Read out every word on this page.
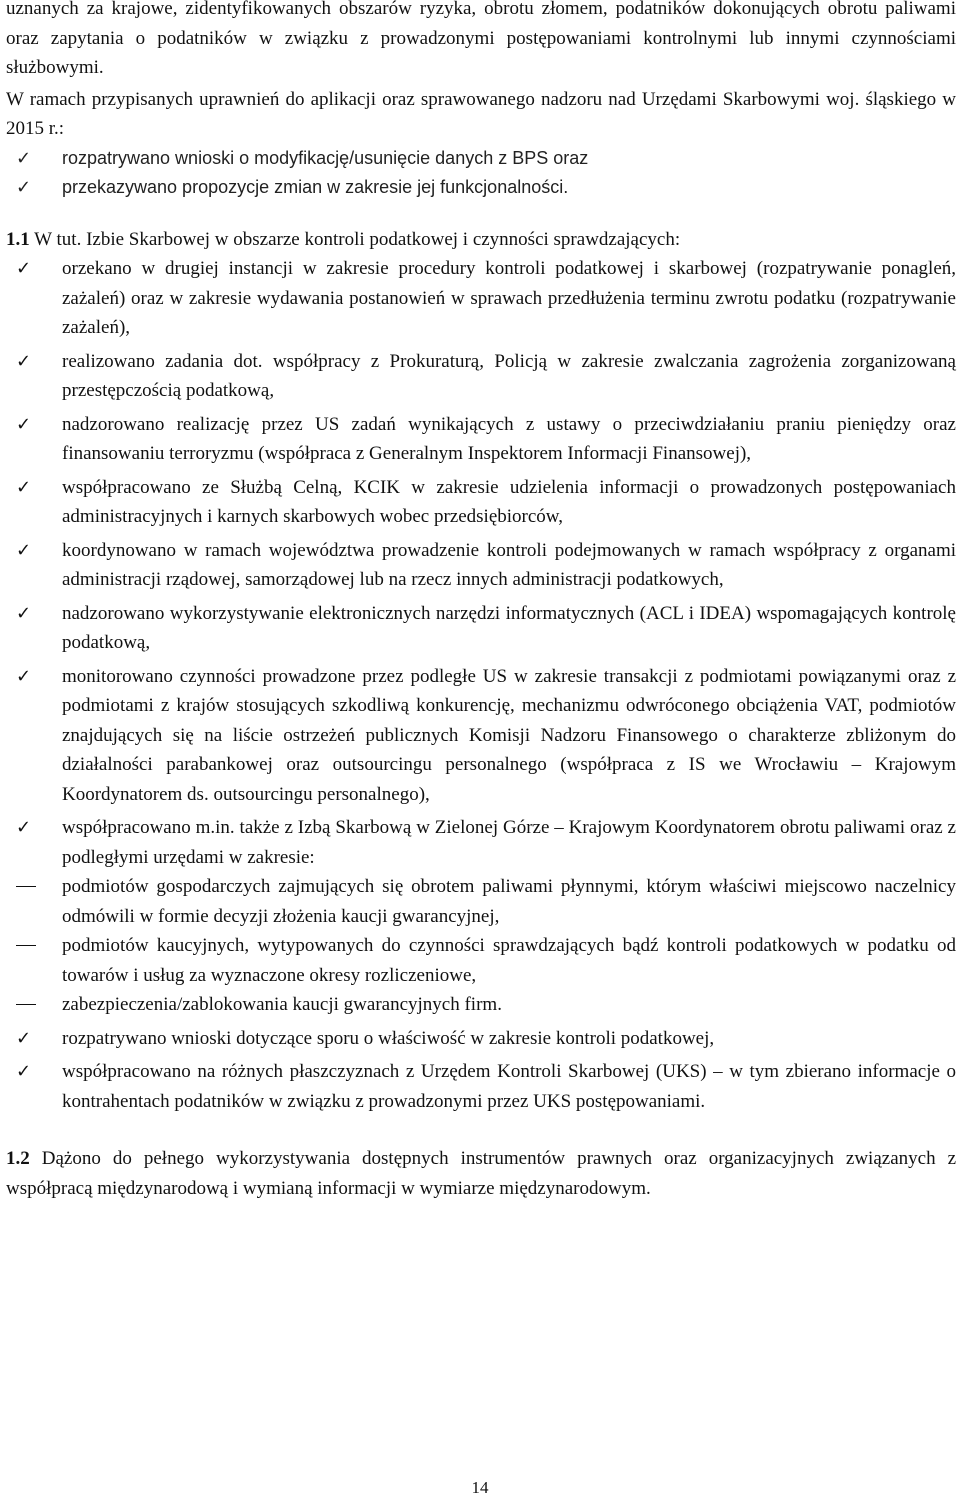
uznanych za krajowe, zidentyfikowanych obszarów ryzyka, obrotu złomem, podatników dokonujących obrotu paliwami oraz zapytania o podatników w związku z prowadzonymi postępowaniami kontrolnymi lub innymi czynnościami służbowymi.

W ramach przypisanych uprawnień do aplikacji oraz sprawowanego nadzoru nad Urzędami Skarbowymi woj. śląskiego w 2015 r.:

✓ rozpatrywano wnioski o modyfikację/usunięcie danych z BPS oraz
✓ przekazywano propozycje zmian w zakresie jej funkcjonalności.

1.1 W tut. Izbie Skarbowej w obszarze kontroli podatkowej i czynności sprawdzających:

✓ orzekano w drugiej instancji w zakresie procedury kontroli podatkowej i skarbowej (rozpatrywanie ponagleń, zażaleń) oraz w zakresie wydawania postanowień w sprawach przedłużenia terminu zwrotu podatku (rozpatrywanie zażaleń),
✓ realizowano zadania dot. współpracy z Prokuraturą, Policją w zakresie zwalczania zagrożenia zorganizowaną przestępczością podatkową,
✓ nadzorowano realizację przez US zadań wynikających z ustawy o przeciwdziałaniu praniu pieniędzy oraz finansowaniu terroryzmu (współpraca z Generalnym Inspektorem Informacji Finansowej),
✓ współpracowano ze Służbą Celną, KCIK w zakresie udzielenia informacji o prowadzonych postępowaniach administracyjnych i karnych skarbowych wobec przedsiębiorców,
✓ koordynowano w ramach województwa prowadzenie kontroli podejmowanych w ramach współpracy z organami administracji rządowej, samorządowej lub na rzecz innych administracji podatkowych,
✓ nadzorowano wykorzystywanie elektronicznych narzędzi informatycznych (ACL i IDEA) wspomagających kontrolę podatkową,
✓ monitorowano czynności prowadzone przez podległe US w zakresie transakcji z podmiotami powiązanymi oraz z podmiotami z krajów stosujących szkodliwą konkurencję, mechanizmu odwróconego obciążenia VAT, podmiotów znajdujących się na liście ostrzeżeń publicznych Komisji Nadzoru Finansowego o charakterze zbliżonym do działalności parabankowej oraz outsourcingu personalnego (współpraca z IS we Wrocławiu – Krajowym Koordynatorem ds. outsourcingu personalnego),
✓ współpracowano m.in. także z Izbą Skarbową w Zielonej Górze – Krajowym Koordynatorem obrotu paliwami oraz z podległymi urzędami w zakresie:
podmiotów gospodarczych zajmujących się obrotem paliwami płynnymi, którym właściwi miejscowo naczelnicy odmówili w formie decyzji złożenia kaucji gwarancyjnej,
podmiotów kaucyjnych, wytypowanych do czynności sprawdzających bądź kontroli podatkowych w podatku od towarów i usług za wyznaczone okresy rozliczeniowe,
zabezpieczenia/zablokowania kaucji gwarancyjnych firm.
✓ rozpatrywano wnioski dotyczące sporu o właściwość w zakresie kontroli podatkowej,
✓ współpracowano na różnych płaszczyznach z Urzędem Kontroli Skarbowej (UKS) – w tym zbierano informacje o kontrahentach podatników w związku z prowadzonymi przez UKS postępowaniami.

1.2 Dążono do pełnego wykorzystywania dostępnych instrumentów prawnych oraz organizacyjnych związanych z współpracą międzynarodową i wymianą informacji w wymiarze międzynarodowym.

14
